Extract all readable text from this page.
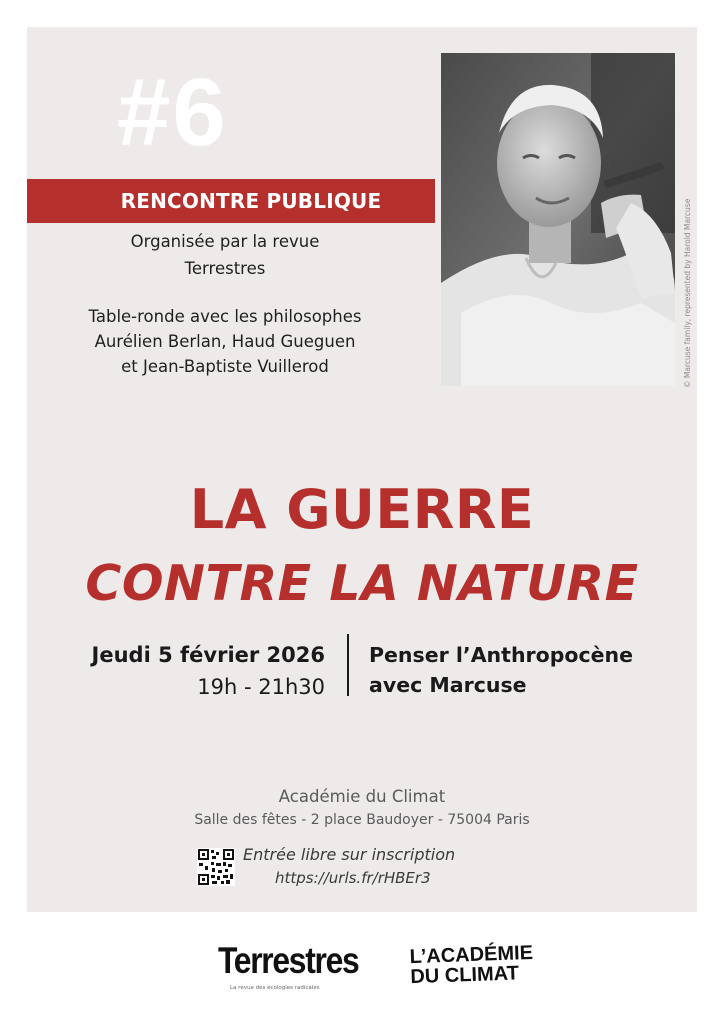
#6
RENCONTRE PUBLIQUE
Organisée par la revue
Terrestres
Table-ronde avec les philosophes
Aurélien Berlan, Haud Gueguen
et Jean-Baptiste Vuillerod	© Marcuse family, represented by Harold Marcuse
LA GUERRE
CONTRE LA NATURE
Jeudi 5 février 2026
19h - 21h30
Penser l’Anthropocène
avec Marcuse
Académie du Climat
Salle des fêtes - 2 place Baudoyer - 75004 Paris
Entrée libre sur inscription
https://urls.fr/rHBEr3
Terrestres
La revue des écologies radicales
L’ACADÉMIE
DU CLIMAT
